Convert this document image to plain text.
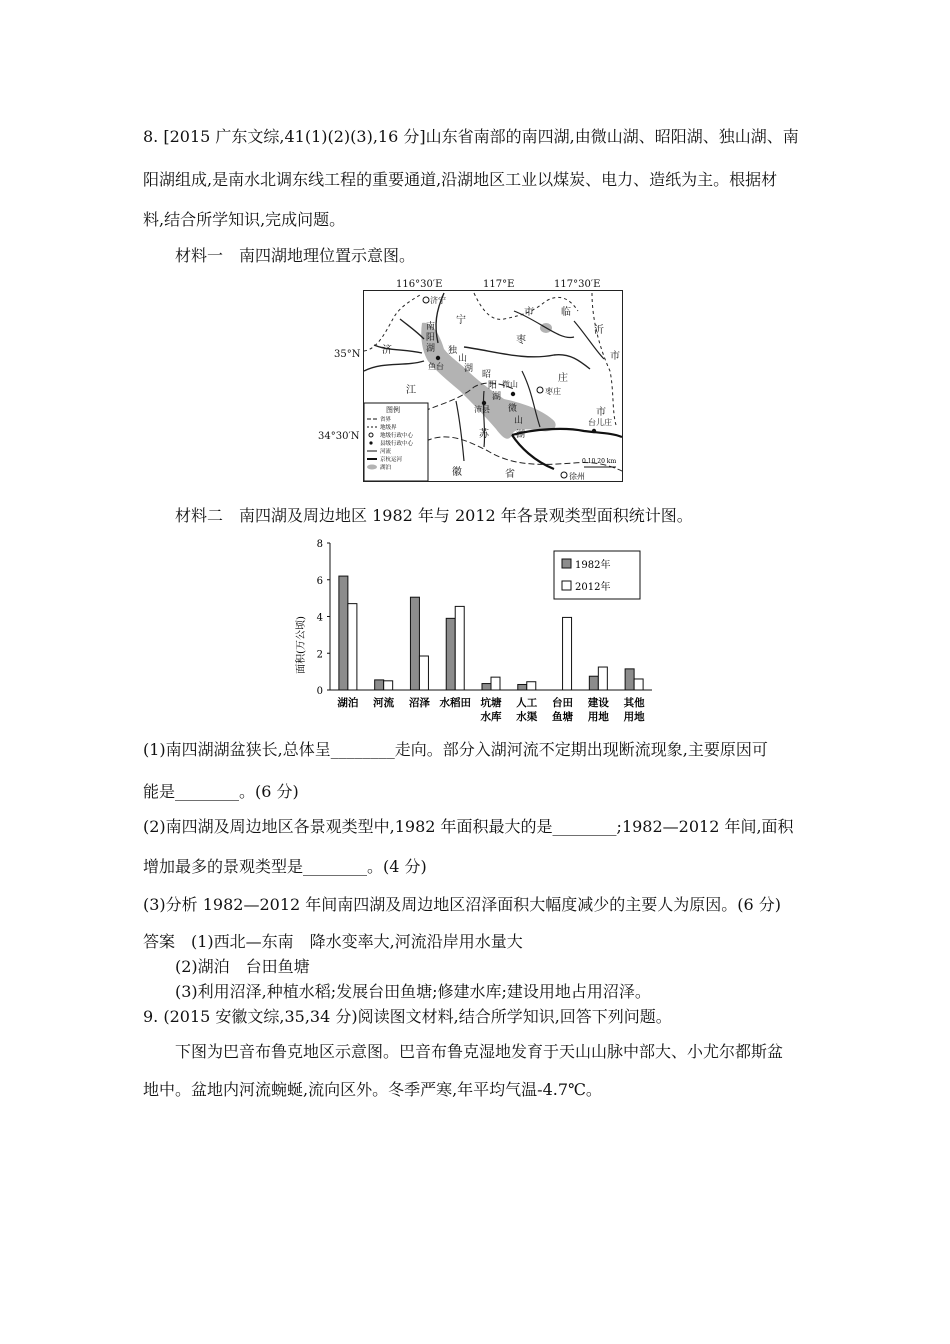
8. [2015 广东文综,41(1)(2)(3),16 分]山东省南部的南四湖,由微山湖、昭阳湖、独山湖、南
阳湖组成,是南水北调东线工程的重要通道,沿湖地区工业以煤炭、电力、造纸为主。根据材
料,结合所学知识,完成问题。
材料一　南四湖地理位置示意图。
济宁
宁
市	临
沂
济
枣
庄
市
市
江
苏
省
徽
鱼台
微山
枣庄
沛县
台儿庄
徐州
南
阳
湖 独
山
湖
昭
阳
湖
微
山
湖
0 10 20 km
图例
省界
地级界
地级行政中心
县级行政中心
河流
京杭运河
湖泊
116°30′E	117°E	117°30′E
35°N
34°30′N
材料二　南四湖及周边地区 1982 年与 2012 年各景观类型面积统计图。
面积(万公顷)
0
2
4
6
8
湖泊 河流 沼泽 水稻田 坑塘
水库
人工
水渠
台田
鱼塘
建设
用地
其他
用地
1982年
2012年
(1)南四湖湖盆狭长,总体呈________走向。部分入湖河流不定期出现断流现象,主要原因可
能是________。(6 分)
(2)南四湖及周边地区各景观类型中,1982 年面积最大的是________;1982—2012 年间,面积
增加最多的景观类型是________。(4 分)
(3)分析 1982—2012 年间南四湖及周边地区沼泽面积大幅度减少的主要人为原因。(6 分)
答案　(1)西北—东南　降水变率大,河流沿岸用水量大
(2)湖泊　台田鱼塘
(3)利用沼泽,种植水稻;发展台田鱼塘;修建水库;建设用地占用沼泽。
9. (2015 安徽文综,35,34 分)阅读图文材料,结合所学知识,回答下列问题。
下图为巴音布鲁克地区示意图。巴音布鲁克湿地发育于天山山脉中部大、小尤尔都斯盆
地中。盆地内河流蜿蜒,流向区外。冬季严寒,年平均气温-4.7℃。
